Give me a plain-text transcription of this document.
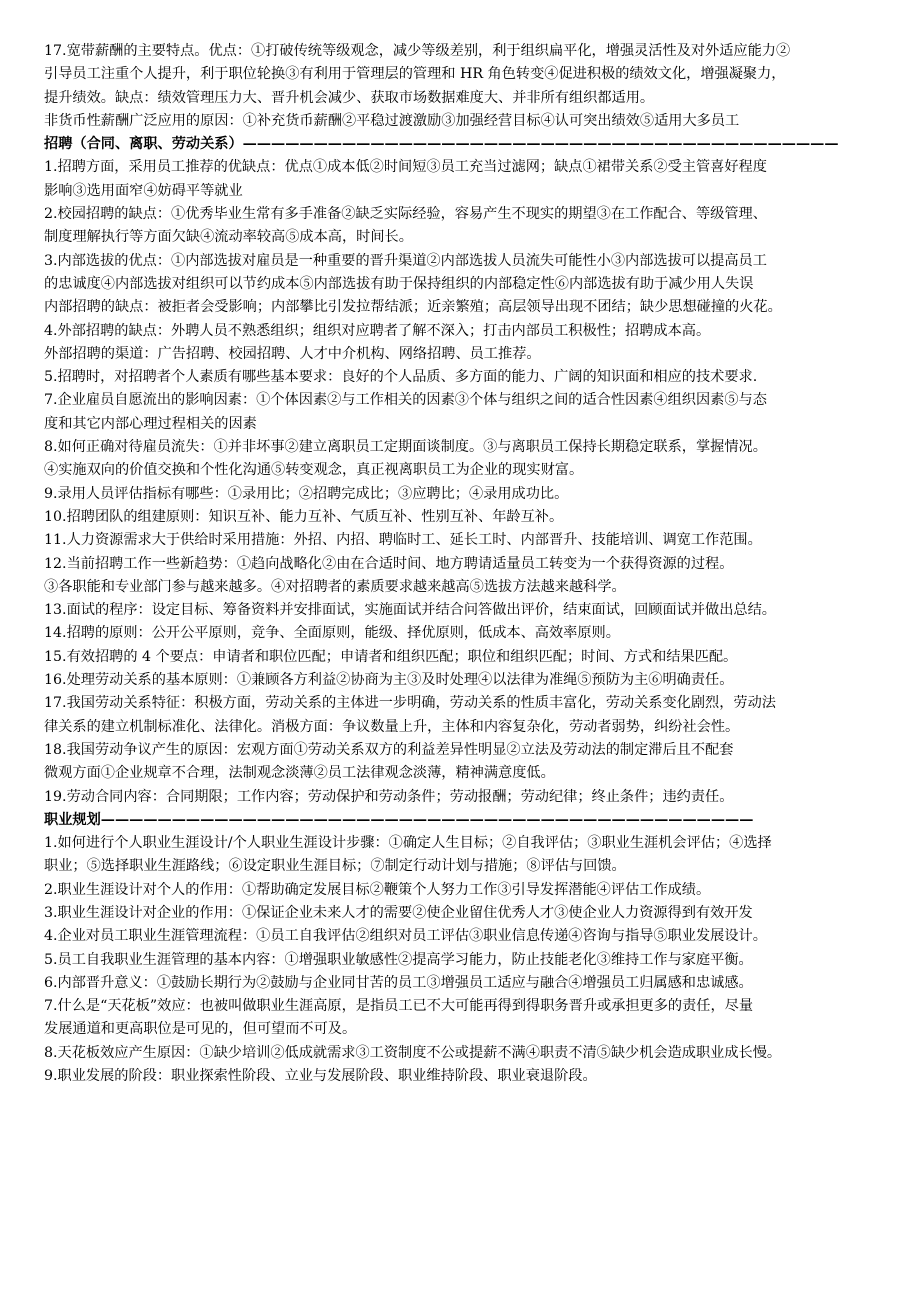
17.宽带薪酬的主要特点。优点：①打破传统等级观念，减少等级差别，利于组织扁平化，增强灵活性及对外适应能力②
引导员工注重个人提升，利于职位轮换③有利用于管理层的管理和 HR 角色转变④促进积极的绩效文化，增强凝聚力，
提升绩效。缺点：绩效管理压力大、晋升机会减少、获取市场数据难度大、并非所有组织都适用。
非货币性薪酬广泛应用的原因：①补充货币薪酬②平稳过渡激励③加强经营目标④认可突出绩效⑤适用大多员工
招聘（合同、离职、劳动关系）——————————————————————————————————————————
1.招聘方面，采用员工推荐的优缺点：优点①成本低②时间短③员工充当过滤网；缺点①裙带关系②受主管喜好程度
影响③选用面窄④妨碍平等就业
2.校园招聘的缺点：①优秀毕业生常有多手准备②缺乏实际经验，容易产生不现实的期望③在工作配合、等级管理、
制度理解执行等方面欠缺④流动率较高⑤成本高，时间长。
3.内部选拔的优点：①内部选拔对雇员是一种重要的晋升渠道②内部选拔人员流失可能性小③内部选拔可以提高员工
的忠诚度④内部选拔对组织可以节约成本⑤内部选拔有助于保持组织的内部稳定性⑥内部选拔有助于减少用人失误
内部招聘的缺点：被拒者会受影响；内部攀比引发拉帮结派；近亲繁殖；高层领导出现不团结；缺少思想碰撞的火花。
4.外部招聘的缺点：外聘人员不熟悉组织；组织对应聘者了解不深入；打击内部员工积极性；招聘成本高。
外部招聘的渠道：广告招聘、校园招聘、人才中介机构、网络招聘、员工推荐。
5.招聘时，对招聘者个人素质有哪些基本要求：良好的个人品质、多方面的能力、广阔的知识面和相应的技术要求.
7.企业雇员自愿流出的影响因素：①个体因素②与工作相关的因素③个体与组织之间的适合性因素④组织因素⑤与态
度和其它内部心理过程相关的因素
8.如何正确对待雇员流失：①并非坏事②建立离职员工定期面谈制度。③与离职员工保持长期稳定联系，掌握情况。
④实施双向的价值交换和个性化沟通⑤转变观念，真正视离职员工为企业的现实财富。
9.录用人员评估指标有哪些：①录用比；②招聘完成比；③应聘比；④录用成功比。
10.招聘团队的组建原则：知识互补、能力互补、气质互补、性别互补、年龄互补。
11.人力资源需求大于供给时采用措施：外招、内招、聘临时工、延长工时、内部晋升、技能培训、调宽工作范围。
12.当前招聘工作一些新趋势：①趋向战略化②由在合适时间、地方聘请适量员工转变为一个获得资源的过程。
③各职能和专业部门参与越来越多。④对招聘者的素质要求越来越高⑤选拔方法越来越科学。
13.面试的程序：设定目标、筹备资料并安排面试，实施面试并结合问答做出评价，结束面试，回顾面试并做出总结。
14.招聘的原则：公开公平原则，竞争、全面原则，能级、择优原则，低成本、高效率原则。
15.有效招聘的 4 个要点：申请者和职位匹配；申请者和组织匹配；职位和组织匹配；时间、方式和结果匹配。
16.处理劳动关系的基本原则：①兼顾各方利益②协商为主③及时处理④以法律为准绳⑤预防为主⑥明确责任。
17.我国劳动关系特征：积极方面，劳动关系的主体进一步明确，劳动关系的性质丰富化，劳动关系变化剧烈，劳动法
律关系的建立机制标准化、法律化。消极方面：争议数量上升，主体和内容复杂化，劳动者弱势，纠纷社会性。
18.我国劳动争议产生的原因：宏观方面①劳动关系双方的利益差异性明显②立法及劳动法的制定滞后且不配套
微观方面①企业规章不合理，法制观念淡薄②员工法律观念淡薄，精神满意度低。
19.劳动合同内容：合同期限；工作内容；劳动保护和劳动条件；劳动报酬；劳动纪律；终止条件；违约责任。
职业规划——————————————————————————————————————————————
1.如何进行个人职业生涯设计/个人职业生涯设计步骤：①确定人生目标；②自我评估；③职业生涯机会评估；④选择
职业；⑤选择职业生涯路线；⑥设定职业生涯目标；⑦制定行动计划与措施；⑧评估与回馈。
2.职业生涯设计对个人的作用：①帮助确定发展目标②鞭策个人努力工作③引导发挥潜能④评估工作成绩。
3.职业生涯设计对企业的作用：①保证企业未来人才的需要②使企业留住优秀人才③使企业人力资源得到有效开发
4.企业对员工职业生涯管理流程：①员工自我评估②组织对员工评估③职业信息传递④咨询与指导⑤职业发展设计。
5.员工自我职业生涯管理的基本内容：①增强职业敏感性②提高学习能力，防止技能老化③维持工作与家庭平衡。
6.内部晋升意义：①鼓励长期行为②鼓励与企业同甘苦的员工③增强员工适应与融合④增强员工归属感和忠诚感。
7.什么是“天花板”效应：也被叫做职业生涯高原，是指员工已不大可能再得到得职务晋升或承担更多的责任，尽量
发展通道和更高职位是可见的，但可望而不可及。
8.天花板效应产生原因：①缺少培训②低成就需求③工资制度不公或提薪不满④职责不清⑤缺少机会造成职业成长慢。
9.职业发展的阶段：职业探索性阶段、立业与发展阶段、职业维持阶段、职业衰退阶段。
